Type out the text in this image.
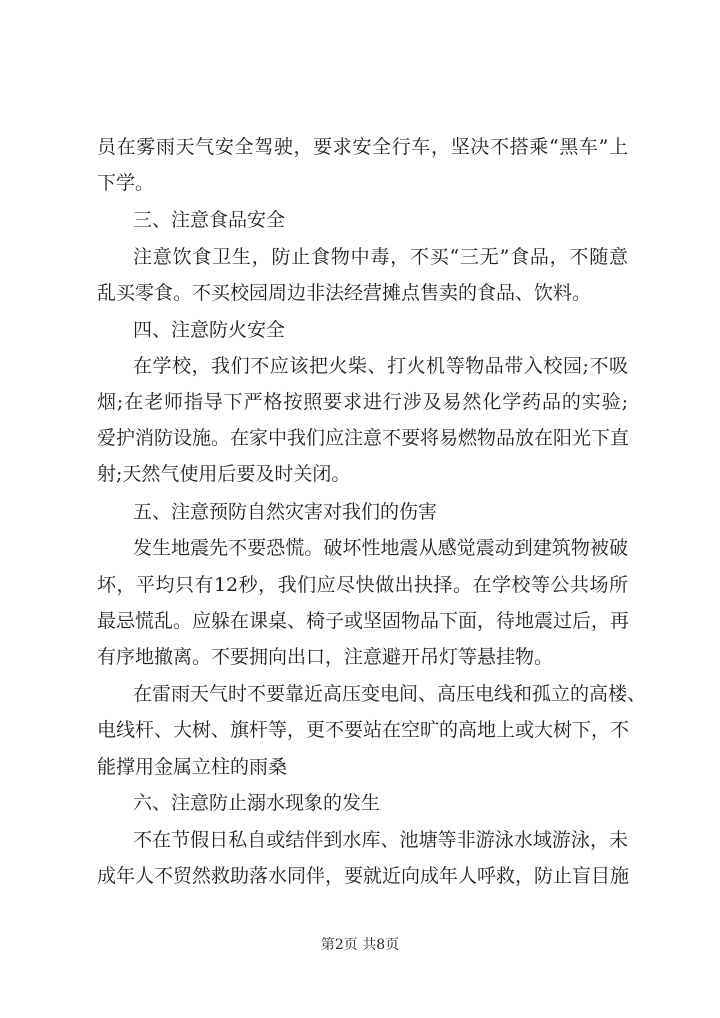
员在雾雨天气安全驾驶，要求安全行车，坚决不搭乘“黑车”上
下学。
三、注意食品安全
注意饮食卫生，防止食物中毒，不买“三无”食品，不随意
乱买零食。不买校园周边非法经营摊点售卖的食品、饮料。
四、注意防火安全
在学校，我们不应该把火柴、打火机等物品带入校园;不吸
烟;在老师指导下严格按照要求进行涉及易然化学药品的实验;
爱护消防设施。在家中我们应注意不要将易燃物品放在阳光下直
射;天然气使用后要及时关闭。
五、注意预防自然灾害对我们的伤害
发生地震先不要恐慌。破坏性地震从感觉震动到建筑物被破
坏，平均只有12秒，我们应尽快做出抉择。在学校等公共场所
最忌慌乱。应躲在课桌、椅子或坚固物品下面，待地震过后，再
有序地撤离。不要拥向出口，注意避开吊灯等悬挂物。
在雷雨天气时不要靠近高压变电间、高压电线和孤立的高楼、
电线杆、大树、旗杆等，更不要站在空旷的高地上或大树下，不
能撑用金属立柱的雨桑
六、注意防止溺水现象的发生
不在节假日私自或结伴到水库、池塘等非游泳水域游泳，未
成年人不贸然救助落水同伴，要就近向成年人呼救，防止盲目施
第2页 共8页
